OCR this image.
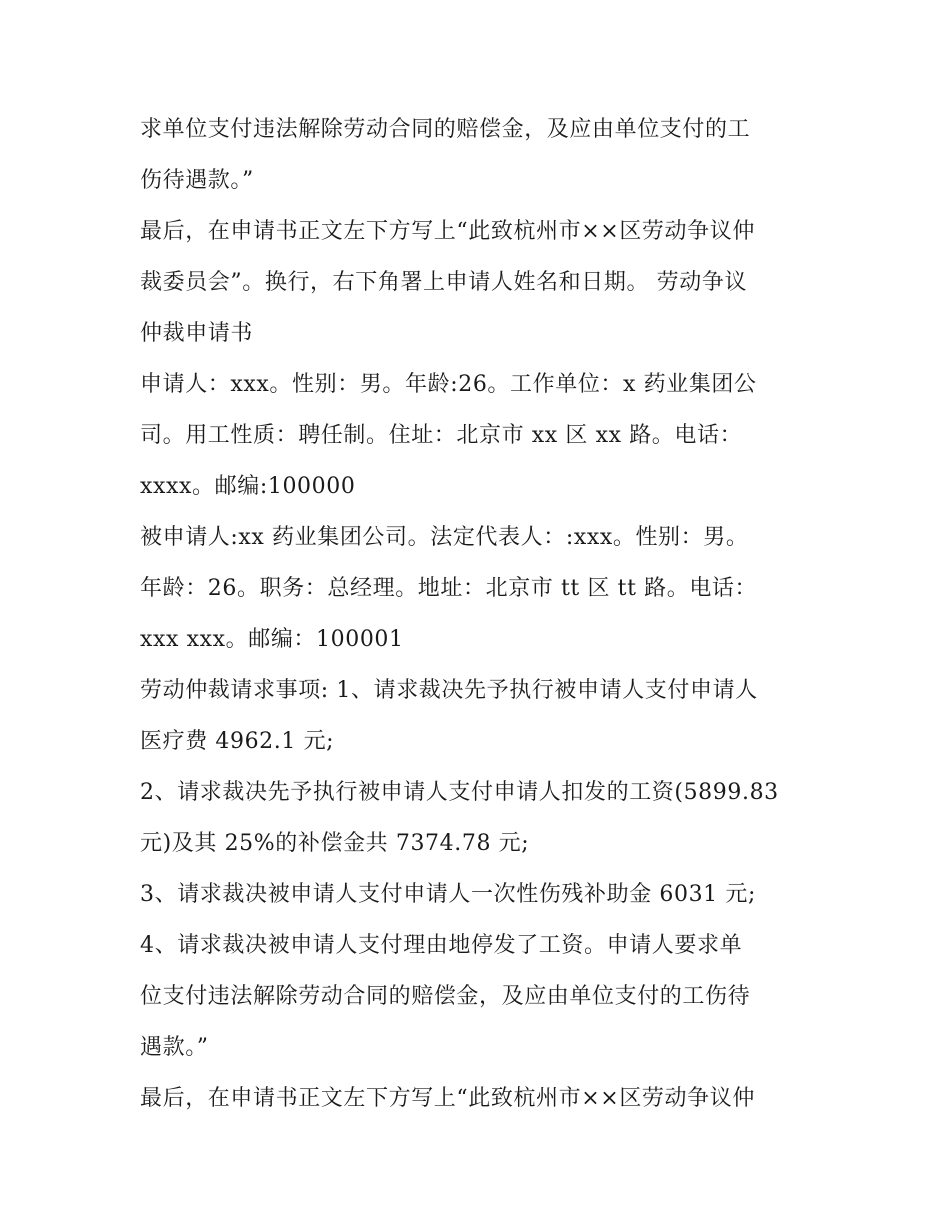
求单位支付违法解除劳动合同的赔偿金，及应由单位支付的工
伤待遇款。”
最后，在申请书正文左下方写上“此致杭州市××区劳动争议仲
裁委员会”。换行，右下角署上申请人姓名和日期。 劳动争议
仲裁申请书
申请人：xxx。性别：男。年龄:26。工作单位：x 药业集团公
司。用工性质：聘任制。住址：北京市 xx 区 xx 路。电话：
xxxx。邮编:100000
被申请人:xx 药业集团公司。法定代表人：:xxx。性别：男。
年龄：26。职务：总经理。地址：北京市 tt 区 tt 路。电话：
xxx xxx。邮编：100001
劳动仲裁请求事项: 1、请求裁决先予执行被申请人支付申请人
医疗费 4962.1 元;
2、请求裁决先予执行被申请人支付申请人扣发的工资(5899.83
元)及其 25%的补偿金共 7374.78 元;
3、请求裁决被申请人支付申请人一次性伤残补助金 6031 元;
4、请求裁决被申请人支付理由地停发了工资。申请人要求单
位支付违法解除劳动合同的赔偿金，及应由单位支付的工伤待
遇款。”
最后，在申请书正文左下方写上“此致杭州市××区劳动争议仲
